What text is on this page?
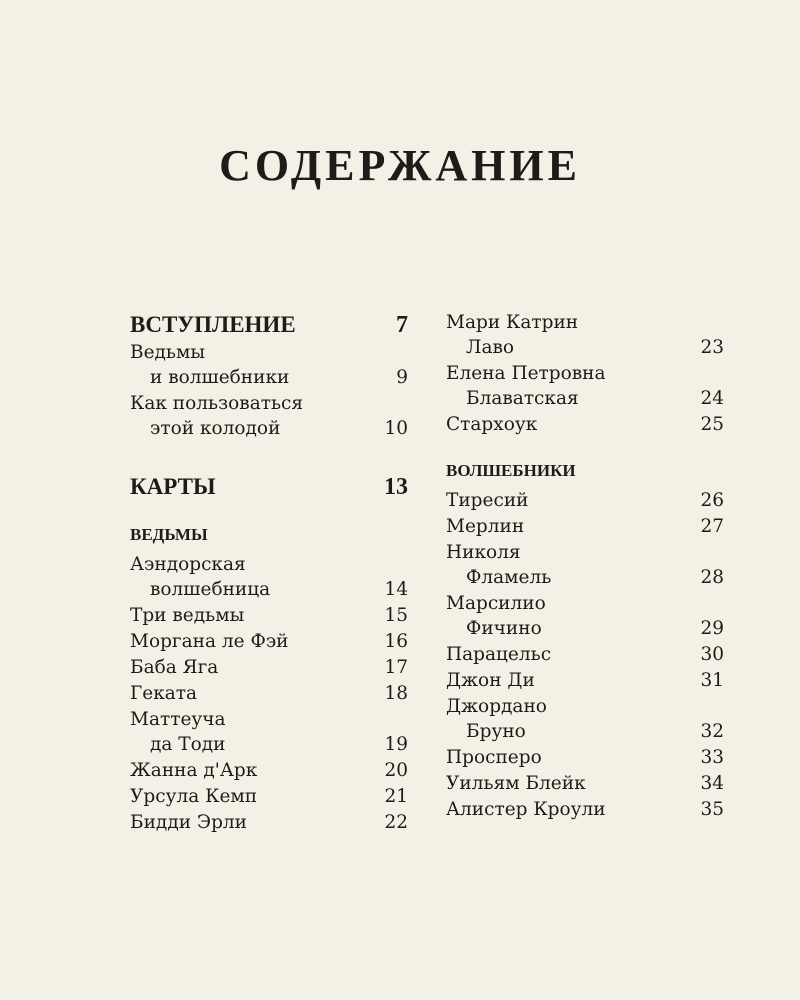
СОДЕРЖАНИЕ
ВСТУПЛЕНИЕ	7
Ведьмы
и волшебники	9
Как пользоваться
этой колодой	10
КАРТЫ	13
ВЕДЬМЫ
Аэндорская
волшебница	14
Три ведьмы	15
Моргана ле Фэй	16
Баба Яга	17
Геката	18
Маттеуча
да Тоди	19
Жанна д'Арк	20
Урсула Кемп	21
Бидди Эрли	22
Мари Катрин
Лаво	23
Елена Петровна
Блаватская	24
Стархоук	25
ВОЛШЕБНИКИ
Тиресий	26
Мерлин	27
Николя
Фламель	28
Марсилио
Фичино	29
Парацельс	30
Джон Ди	31
Джордано
Бруно	32
Просперо	33
Уильям Блейк	34
Алистер Кроули	35
